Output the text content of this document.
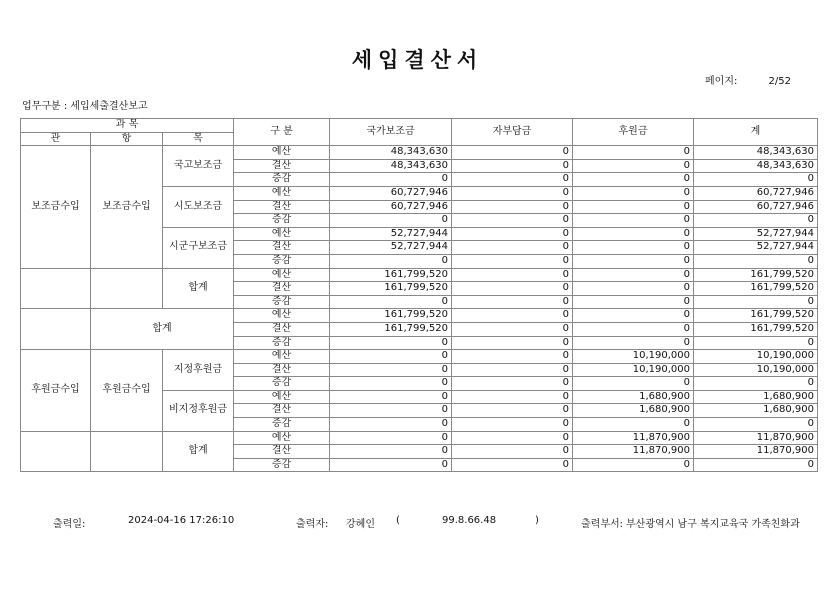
세입결산서
페이지:	2/52
업무구분 : 세입세출결산보고
과 목			구 분	국가보조금	자부담금	후원금	계
관	항	목					
보조금수입	보조금수입	국고보조금	예산	48,343,630	0	0	48,343,630
			결산	48,343,630	0	0	48,343,630
			증감	0	0	0	0
		시도보조금	예산	60,727,946	0	0	60,727,946
			결산	60,727,946	0	0	60,727,946
			증감	0	0	0	0
		시군구보조금	예산	52,727,944	0	0	52,727,944
			결산	52,727,944	0	0	52,727,944
			증감	0	0	0	0
		합계	예산	161,799,520	0	0	161,799,520
			결산	161,799,520	0	0	161,799,520
			증감	0	0	0	0
	합계		예산	161,799,520	0	0	161,799,520
			결산	161,799,520	0	0	161,799,520
			증감	0	0	0	0
후원금수입	후원금수입	지정후원금	예산	0	0	10,190,000	10,190,000
			결산	0	0	10,190,000	10,190,000
			증감	0	0	0	0
		비지정후원금	예산	0	0	1,680,900	1,680,900
			결산	0	0	1,680,900	1,680,900
			증감	0	0	0	0
		합계	예산	0	0	11,870,900	11,870,900
			결산	0	0	11,870,900	11,870,900
			증감	0	0	0	0
출력일:	2024-04-16 17:26:10	출력자: 강혜인 (	99.8.66.48	)	출력부서: 부산광역시 남구 복지교육국 가족친화과
